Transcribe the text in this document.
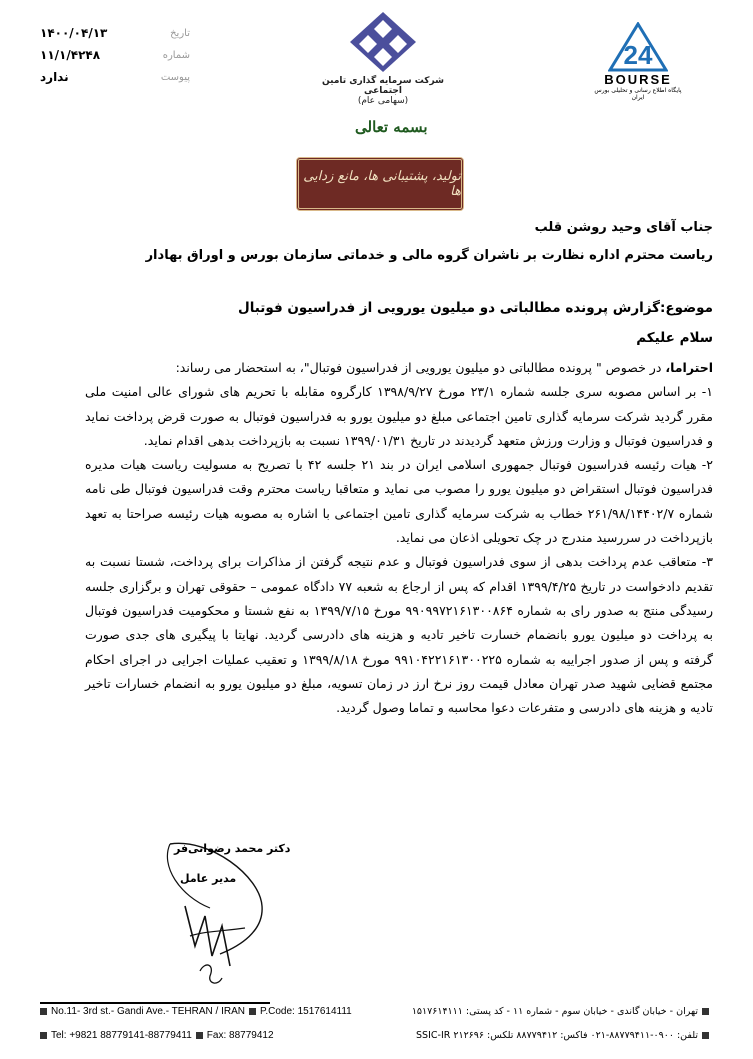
۱۴۰۰/۰۴/۱۳	تاریخ
۱۱/۱/۴۲۴۸	شماره
ندارد	پیوست	شرکت سرمایه گذاری تامین اجتماعی
(سهامی عام)
24
BOURSE
پایگاه اطلاع رسانی و تحلیلی بورس ایران
بسمه تعالی
تولید، پشتیبانی ها، مانع زدایی ها
جناب آقای وحید روشن قلب
ریاست محترم اداره نظارت بر ناشران گروه مالی و خدماتی سازمان بورس و اوراق بهادار
موضوع:گزارش پرونده مطالباتی دو میلیون یورویی از فدراسیون فوتبال
سلام علیکم

احتراما، در خصوص " پرونده مطالباتی دو میلیون یورویی از فدراسیون فوتبال"، به استحضار می رساند:

۱- بر اساس مصوبه سری جلسه شماره ۲۳/۱ مورخ ۱۳۹۸/۹/۲۷ کارگروه مقابله با تحریم های شورای عالی امنیت ملی مقرر گردید شرکت سرمایه گذاری تامین اجتماعی مبلغ دو میلیون یورو به فدراسیون فوتبال به صورت قرض پرداخت نماید و فدراسیون فوتبال و وزارت ورزش متعهد گردیدند در تاریخ ۱۳۹۹/۰۱/۳۱ نسبت به بازپرداخت بدهی اقدام نماید.

۲- هیات رئیسه فدراسیون فوتبال جمهوری اسلامی ایران در بند ۲۱ جلسه ۴۲ با تصریح به مسولیت ریاست هیات مدیره فدراسیون فوتبال استقراض دو میلیون یورو را مصوب می نماید و متعاقبا ریاست محترم وقت فدراسیون فوتبال طی نامه شماره ۲۶۱/۹۸/۱۴۴۰۲/۷ خطاب به شرکت سرمایه گذاری تامین اجتماعی با اشاره به مصوبه هیات رئیسه صراحتا به تعهد بازپرداخت در سررسید مندرج در چک تحویلی اذعان می نماید.

۳- متعاقب عدم پرداخت بدهی از سوی فدراسیون فوتبال و عدم نتیجه گرفتن از مذاکرات برای پرداخت، شستا نسبت به تقدیم دادخواست در تاریخ ۱۳۹۹/۴/۲۵ اقدام که پس از ارجاع به شعبه ۷۷ دادگاه عمومی – حقوقی تهران و برگزاری جلسه رسیدگی منتج به صدور رای به شماره ۹۹۰۹۹۷۲۱۶۱۳۰۰۸۶۴ مورخ ۱۳۹۹/۷/۱۵ به نفع شستا و محکومیت فدراسیون فوتبال به پرداخت دو میلیون یورو بانضمام خسارت تاخیر تادیه و هزینه های دادرسی گردید. نهایتا با پیگیری های جدی صورت گرفته و پس از صدور اجراییه به شماره ۹۹۱۰۴۲۲۱۶۱۳۰۰۲۲۵ مورخ ۱۳۹۹/۸/۱۸ و تعقیب عملیات اجرایی در اجرای احکام مجتمع قضایی شهید صدر تهران معادل قیمت روز نرخ ارز در زمان تسویه، مبلغ دو میلیون یورو به انضمام خسارات تاخیر تادیه و هزینه های دادرسی و متفرعات دعوا محاسبه و تماما وصول گردید.

دکتر محمد رضوانی‌فر
مدیر عامل
No.11- 3rd st.- Gandi Ave.- TEHRAN / IRAN P.Code: 1517614111	تهران - خیابان گاندی - خیابان سوم - شماره ۱۱ - کد پستی: ۱۵۱۷۶۱۴۱۱۱
Tel: +9821 88779141-88779411 Fax: 88779412	تلفن: ۰۹۰۰-۸۸۷۷۹۴۱۱-۰۲۱ فاکس: ۸۸۷۷۹۴۱۲ تلکس: SSIC-IR ۲۱۲۶۹۶
